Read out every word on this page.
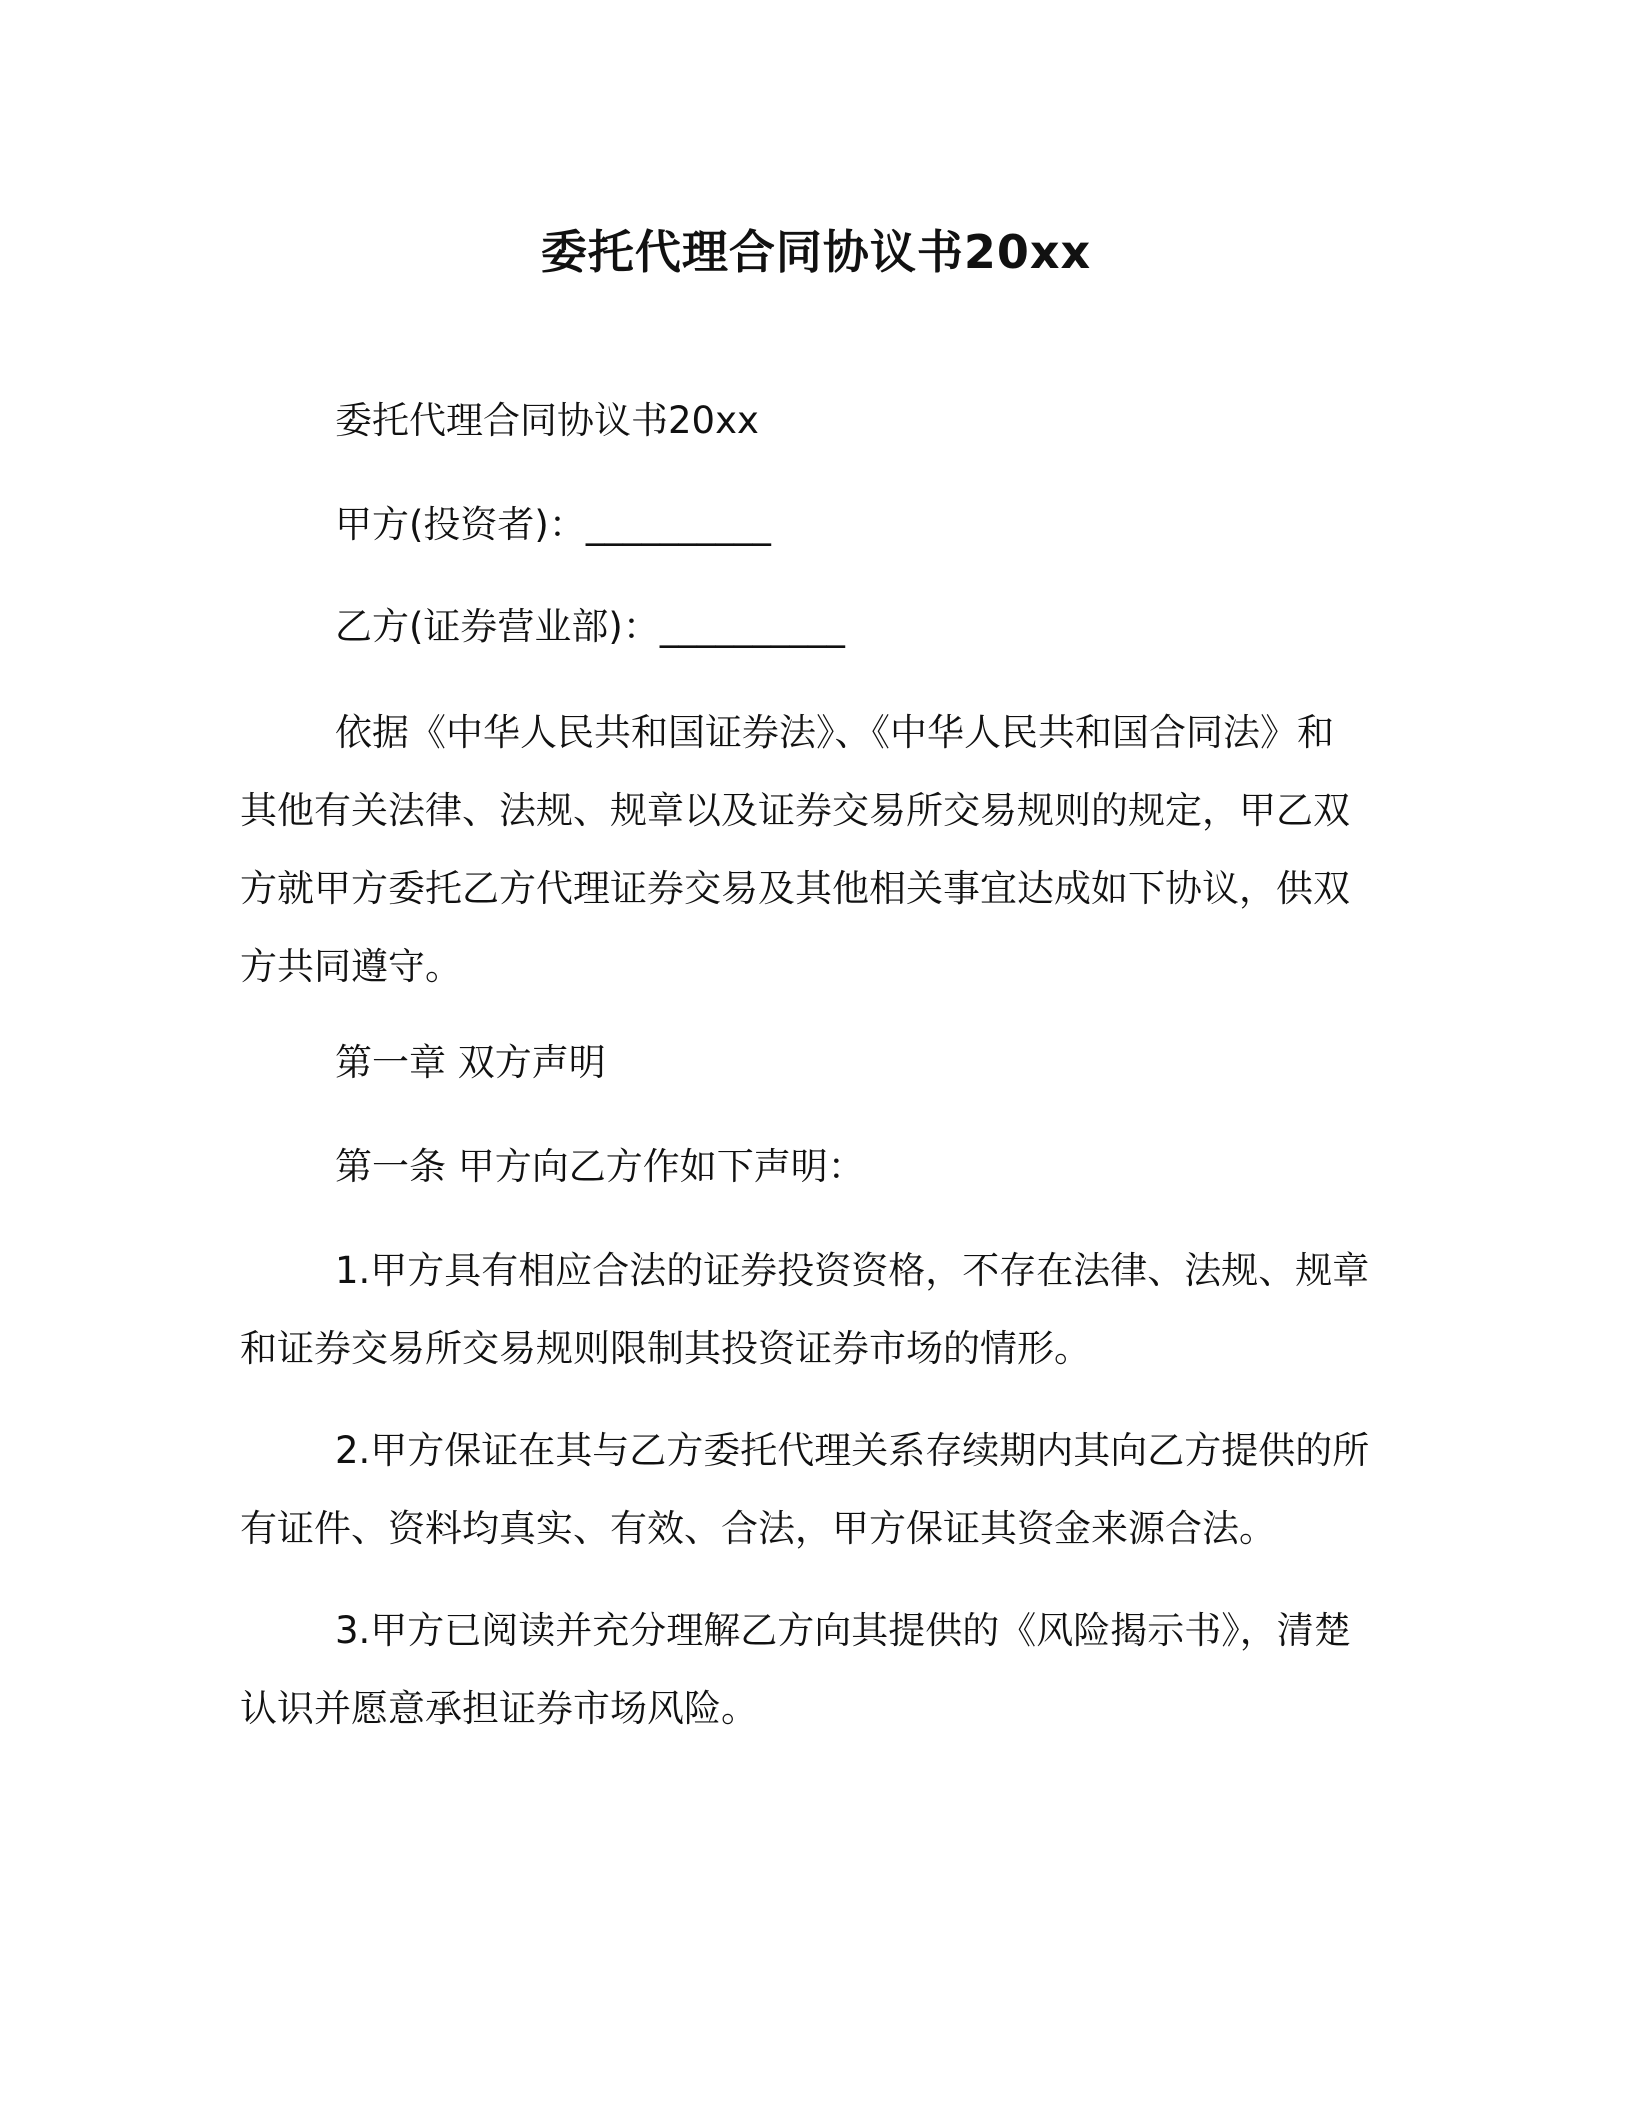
委托代理合同协议书20xx
委托代理合同协议书20xx
甲方(投资者)：__________
乙方(证券营业部)：__________
依据《中华人民共和国证券法》、《中华人民共和国合同法》和
其他有关法律、法规、规章以及证券交易所交易规则的规定，甲乙双
方就甲方委托乙方代理证券交易及其他相关事宜达成如下协议，供双
方共同遵守。
第一章 双方声明
第一条 甲方向乙方作如下声明：
1.甲方具有相应合法的证券投资资格，不存在法律、法规、规章
和证券交易所交易规则限制其投资证券市场的情形。
2.甲方保证在其与乙方委托代理关系存续期内其向乙方提供的所
有证件、资料均真实、有效、合法，甲方保证其资金来源合法。
3.甲方已阅读并充分理解乙方向其提供的《风险揭示书》，清楚
认识并愿意承担证券市场风险。
